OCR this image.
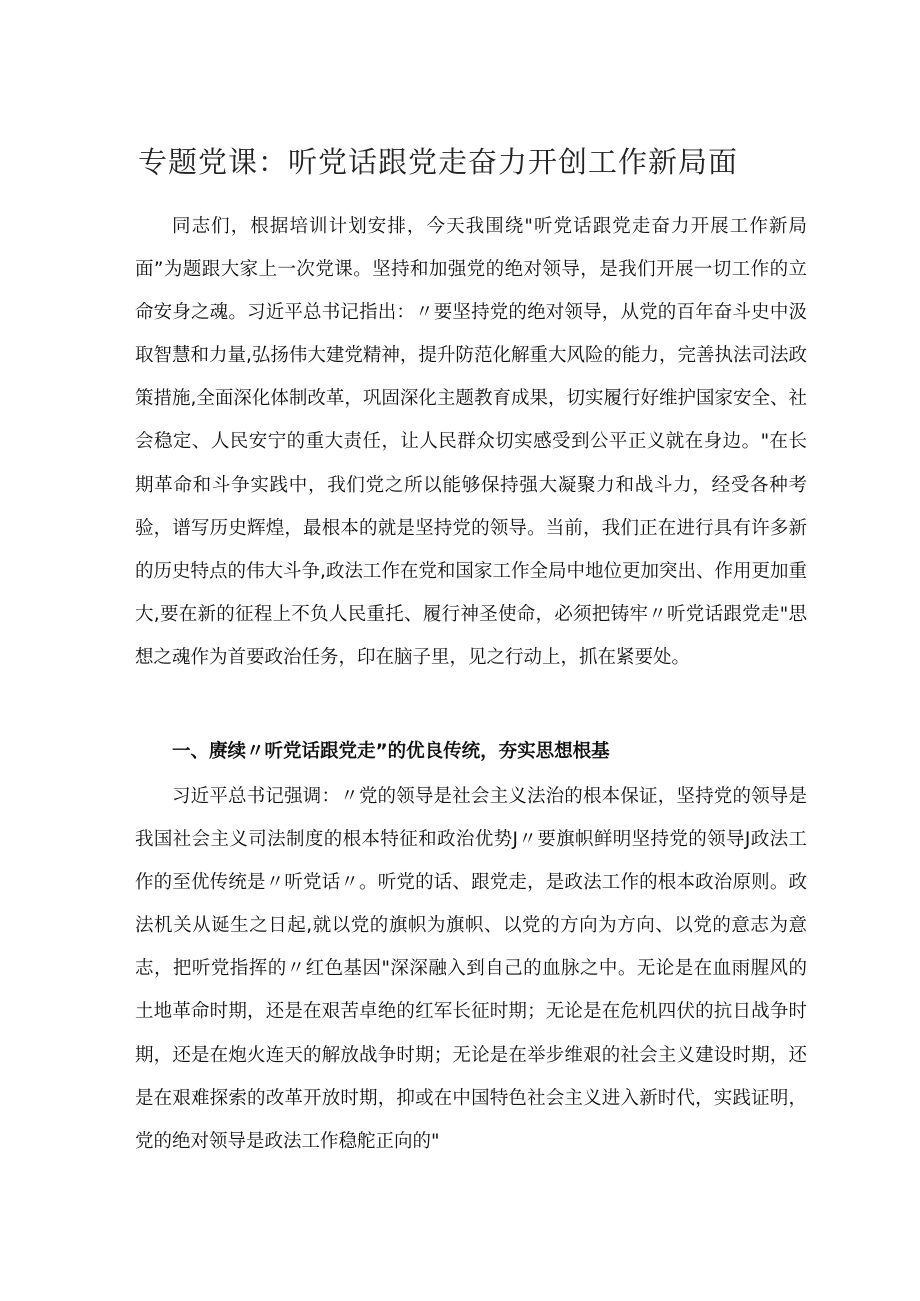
专题党课：听党话跟党走奋力开创工作新局面

同志们，根据培训计划安排，今天我围绕"听党话跟党走奋力开展工作新局面”为题跟大家上一次党课。坚持和加强党的绝对领导，是我们开展一切工作的立命安身之魂。习近平总书记指出：〃要坚持党的绝对领导，从党的百年奋斗史中汲取智慧和力量,弘扬伟大建党精神，提升防范化解重大风险的能力，完善执法司法政策措施,全面深化体制改革，巩固深化主题教育成果，切实履行好维护国家安全、社会稳定、人民安宁的重大责任，让人民群众切实感受到公平正义就在身边。"在长期革命和斗争实践中，我们党之所以能够保持强大凝聚力和战斗力，经受各种考验，谱写历史辉煌，最根本的就是坚持党的领导。当前，我们正在进行具有许多新的历史特点的伟大斗争,政法工作在党和国家工作全局中地位更加突出、作用更加重大,要在新的征程上不负人民重托、履行神圣使命，必须把铸牢〃听党话跟党走"思想之魂作为首要政治任务，印在脑子里，见之行动上，抓在紧要处。

一、赓续〃听党话跟党走”的优良传统，夯实思想根基

习近平总书记强调：〃党的领导是社会主义法治的根本保证，坚持党的领导是我国社会主义司法制度的根本特征和政治优势J〃要旗帜鲜明坚持党的领导J政法工作的至优传统是〃听党话〃。听党的话、跟党走，是政法工作的根本政治原则。政法机关从诞生之日起,就以党的旗帜为旗帜、以党的方向为方向、以党的意志为意志，把听党指挥的〃红色基因"深深融入到自己的血脉之中。无论是在血雨腥风的土地革命时期，还是在艰苦卓绝的红军长征时期；无论是在危机四伏的抗日战争时期，还是在炮火连天的解放战争时期；无论是在举步维艰的社会主义建设时期，还是在艰难探索的改革开放时期，抑或在中国特色社会主义进入新时代，实践证明，党的绝对领导是政法工作稳舵正向的"
